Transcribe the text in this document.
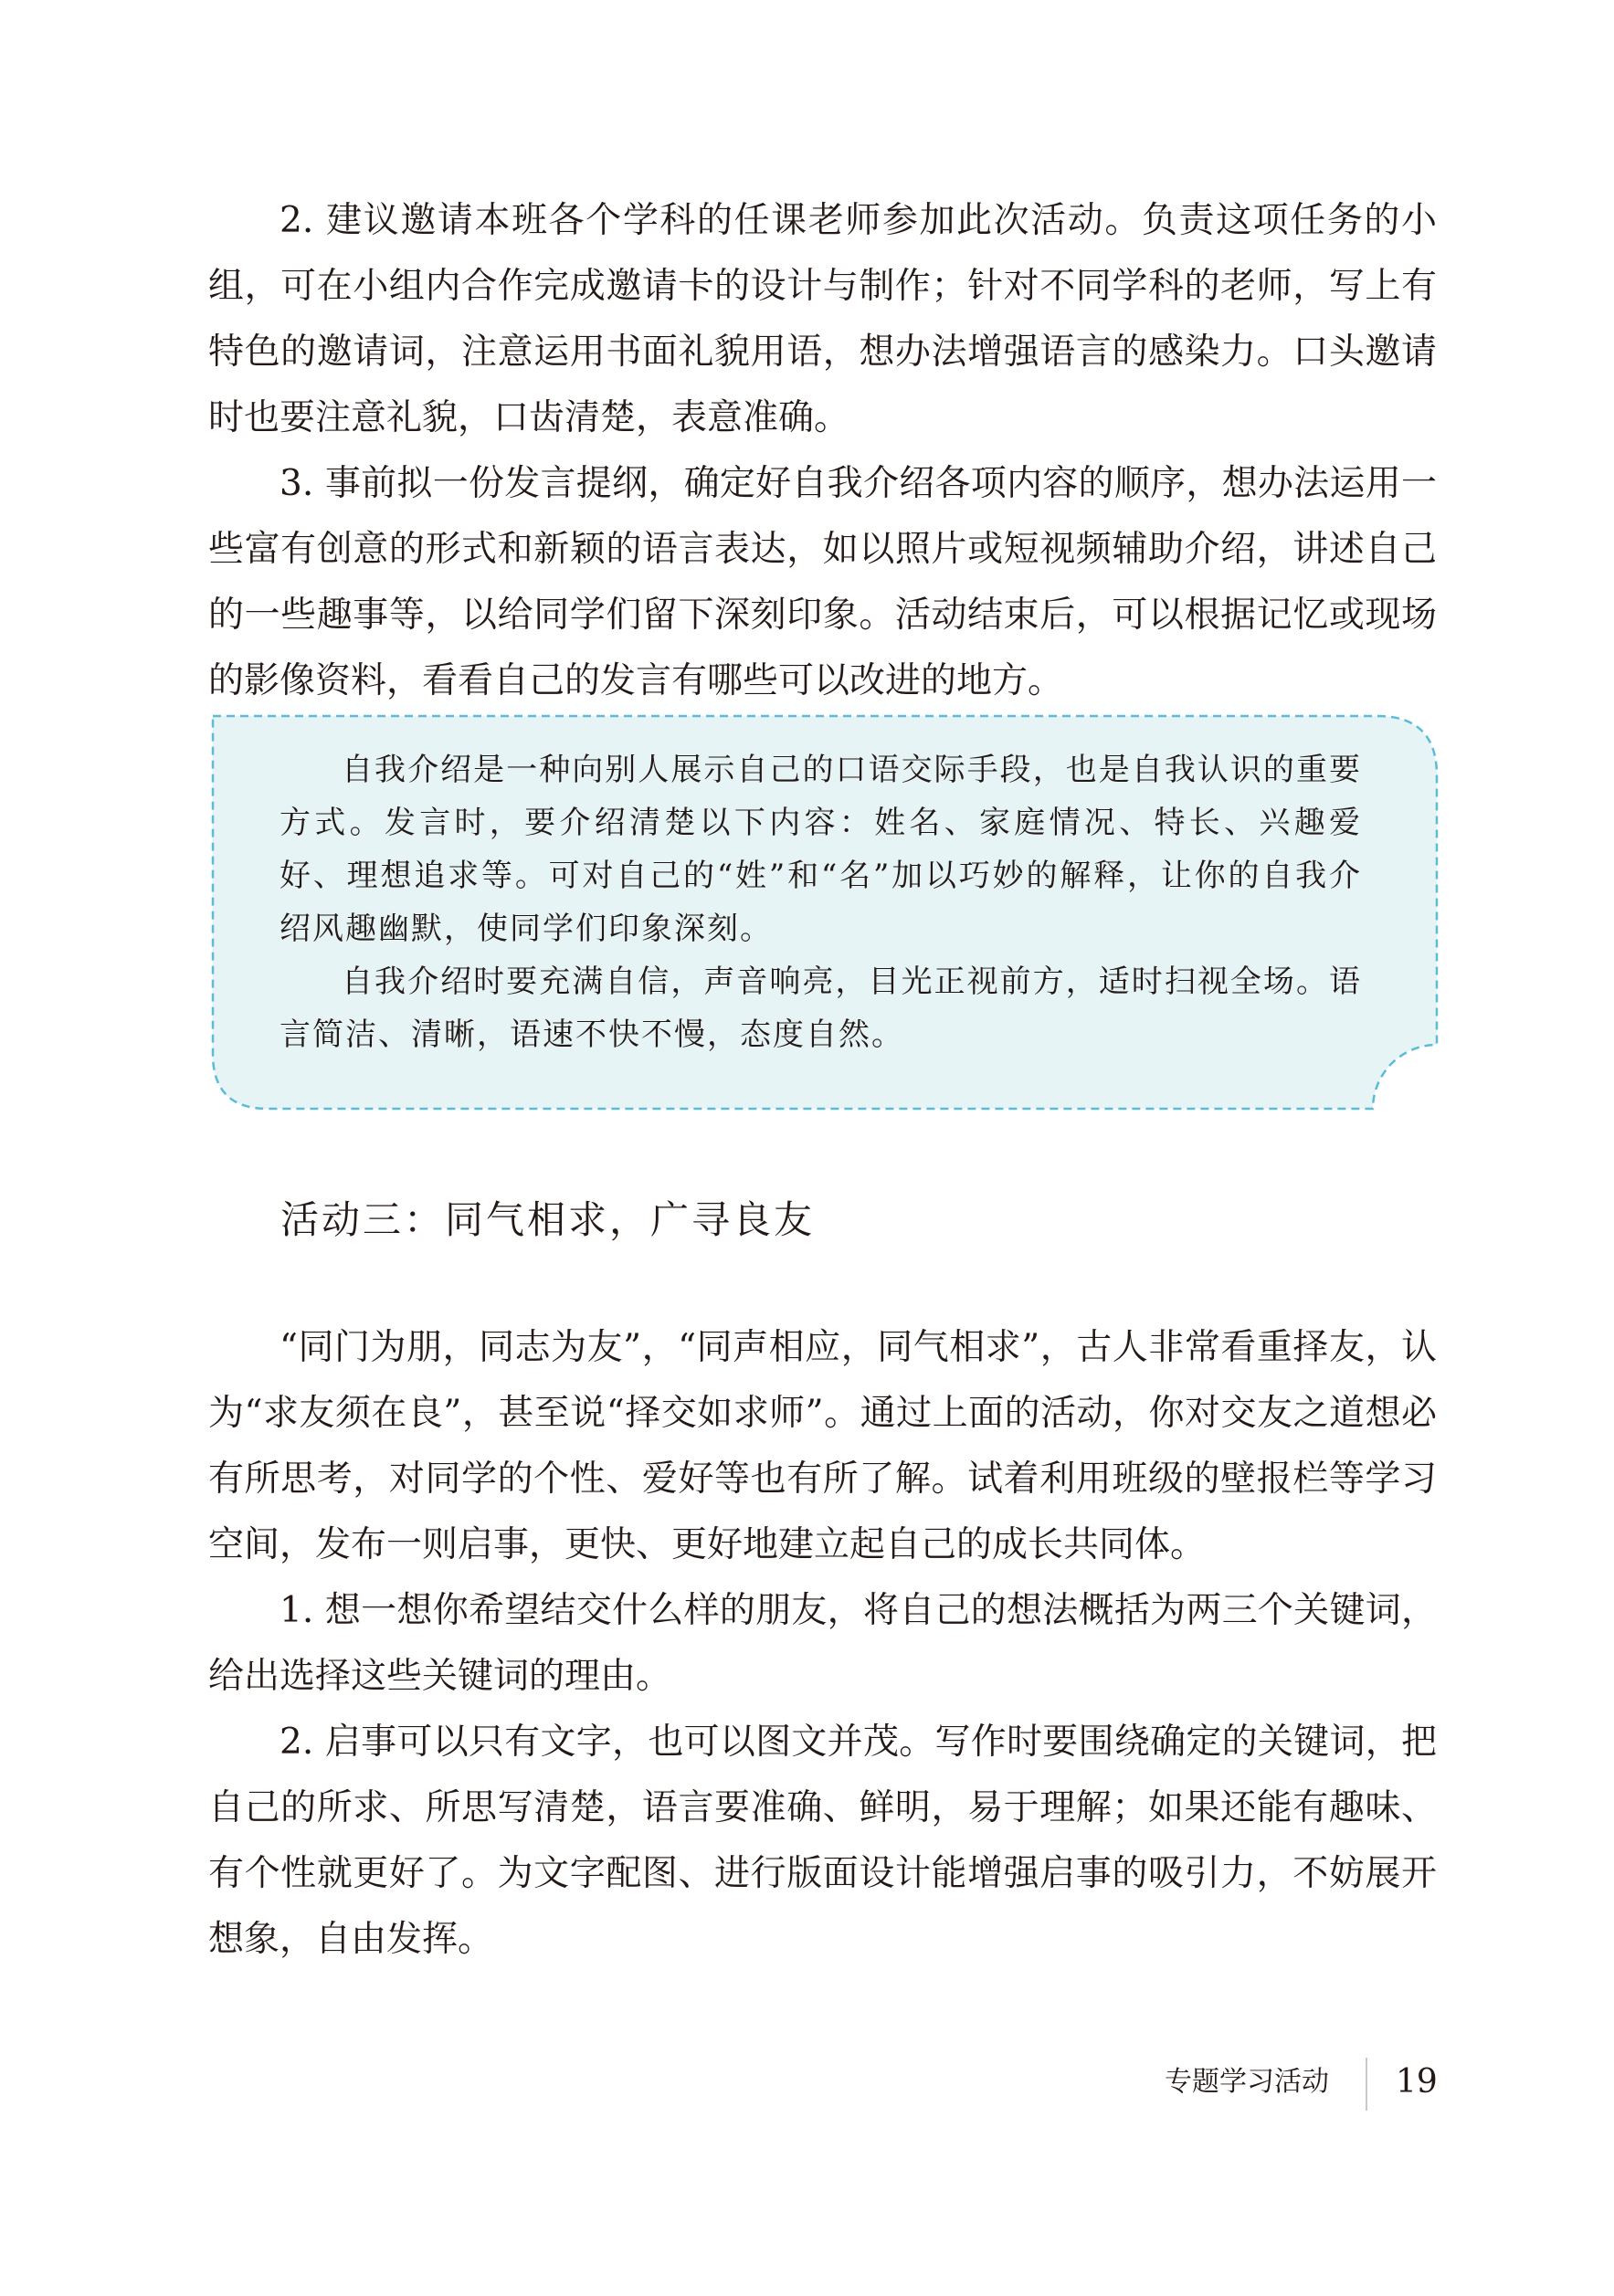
2. 建议邀请本班各个学科的任课老师参加此次活动。负责这项任务的小组，可在小组内合作完成邀请卡的设计与制作；针对不同学科的老师，写上有特色的邀请词，注意运用书面礼貌用语，想办法增强语言的感染力。口头邀请时也要注意礼貌，口齿清楚，表意准确。

3. 事前拟一份发言提纲，确定好自我介绍各项内容的顺序，想办法运用一些富有创意的形式和新颖的语言表达，如以照片或短视频辅助介绍，讲述自己的一些趣事等，以给同学们留下深刻印象。活动结束后，可以根据记忆或现场的影像资料，看看自己的发言有哪些可以改进的地方。

自我介绍是一种向别人展示自己的口语交际手段，也是自我认识的重要方式。发言时，要介绍清楚以下内容：姓名、家庭情况、特长、兴趣爱好、理想追求等。可对自己的“姓”和“名”加以巧妙的解释，让你的自我介绍风趣幽默，使同学们印象深刻。

自我介绍时要充满自信，声音响亮，目光正视前方，适时扫视全场。语言简洁、清晰，语速不快不慢，态度自然。

活动三：同气相求，广寻良友

“同门为朋，同志为友”，“同声相应，同气相求”，古人非常看重择友，认为“求友须在良”，甚至说“择交如求师”。通过上面的活动，你对交友之道想必有所思考，对同学的个性、爱好等也有所了解。试着利用班级的壁报栏等学习空间，发布一则启事，更快、更好地建立起自己的成长共同体。

1. 想一想你希望结交什么样的朋友，将自己的想法概括为两三个关键词，给出选择这些关键词的理由。

2. 启事可以只有文字，也可以图文并茂。写作时要围绕确定的关键词，把自己的所求、所思写清楚，语言要准确、鲜明，易于理解；如果还能有趣味、有个性就更好了。为文字配图、进行版面设计能增强启事的吸引力，不妨展开想象，自由发挥。

专题学习活动 19
